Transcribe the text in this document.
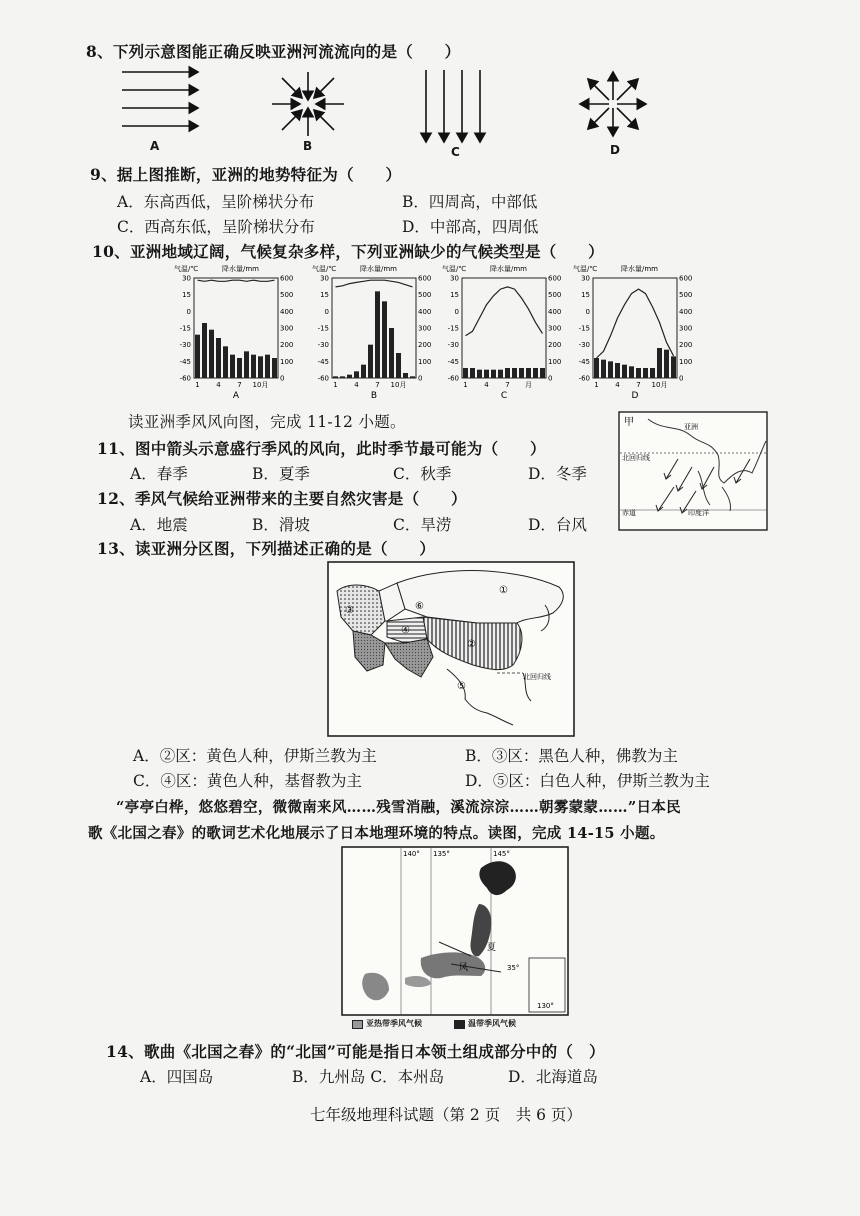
8、下列示意图能正确反映亚洲河流流向的是（　　）
A	B	C	D
9、据上图推断，亚洲的地势特征为（　　）
A．东高西低，呈阶梯状分布	B．四周高，中部低
C．西高东低，呈阶梯状分布	D．中部高，四周低
10、亚洲地域辽阔，气候复杂多样，下列亚洲缺少的气候类型是（　　）
气温/℃	降水量/mm
30	600
15	500
0	400
-15	300
-30	200
-45	100
-60	0
1 4 7 10月
A
气温/℃	降水量/mm
30	600
15	500
0	400
-15	300
-30	200
-45	100
-60	0
1 4 7 10月
B
气温/℃	降水量/mm
30	600
15	500
0	400
-15	300
-30	200
-45	100
-60	0
1 4 7 月
C
气温/℃	降水量/mm
30	600
15	500
0	400
-15	300
-30	200
-45	100
-60	0
1 4 7 10月
D
读亚洲季风风向图，完成 11-12 小题。
11、图中箭头示意盛行季风的风向，此时季节最可能为（　　）
A．春季	B．夏季	C．秋季	D．冬季
12、季风气候给亚洲带来的主要自然灾害是（　　）
A．地震	B．滑坡	C．旱涝	D．台风
甲	亚洲
北回归线
赤道	印度洋
13、读亚洲分区图，下列描述正确的是（　　）
①
②
③
④
⑤
⑥
北回归线
A．②区：黄色人种，伊斯兰教为主	B．③区：黑色人种，佛教为主
C．④区：黄色人种，基督教为主	D．⑤区：白色人种，伊斯兰教为主
“亭亭白桦，悠悠碧空，微微南来风……残雪消融，溪流淙淙……朝雾蒙蒙……”日本民
歌《北国之春》的歌词艺术化地展示了日本地理环境的特点。读图，完成 14-15 小题。
140° 135°	145°
35°
130°
夏
风
亚热带季风气候	温带季风气候
14、歌曲《北国之春》的“北国”可能是指日本领土组成部分中的（　）
A．四国岛	B．九州岛 C．本州岛	D．北海道岛
七年级地理科试题（第 2 页　共 6 页）
